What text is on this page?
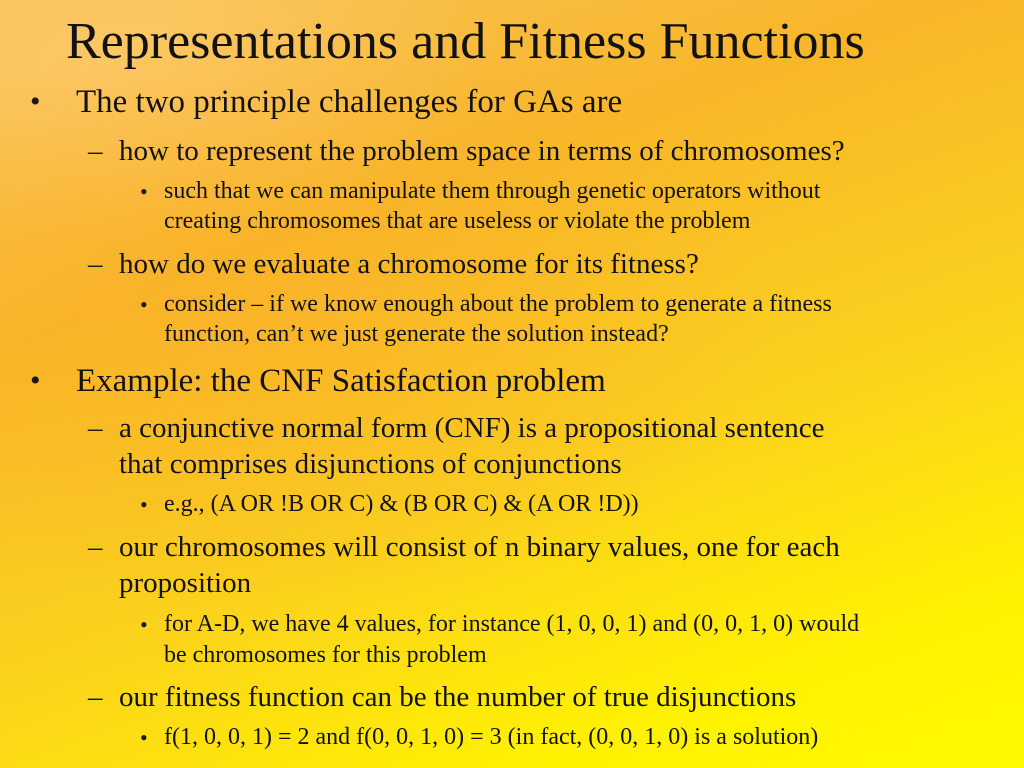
Representations and Fitness Functions
• The two principle challenges for GAs are
– how to represent the problem space in terms of chromosomes?
• such that we can manipulate them through genetic operators without
creating chromosomes that are useless or violate the problem
– how do we evaluate a chromosome for its fitness?
• consider – if we know enough about the problem to generate a fitness
function, can’t we just generate the solution instead?
• Example: the CNF Satisfaction problem
– a conjunctive normal form (CNF) is a propositional sentence
that comprises disjunctions of conjunctions
• e.g., (A OR !B OR C) & (B OR C) & (A OR !D))
– our chromosomes will consist of n binary values, one for each
proposition
• for A-D, we have 4 values, for instance (1, 0, 0, 1) and (0, 0, 1, 0) would
be chromosomes for this problem
– our fitness function can be the number of true disjunctions
• f(1, 0, 0, 1) = 2 and f(0, 0, 1, 0) = 3 (in fact, (0, 0, 1, 0) is a solution)
